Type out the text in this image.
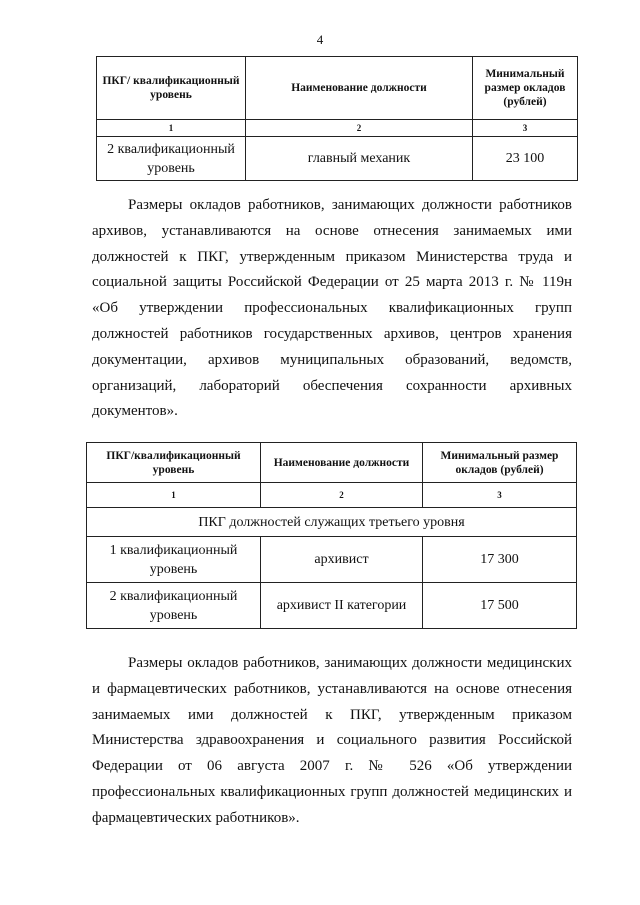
4
ПКГ/ квалификационный уровень	Наименование должности	Минимальный размер окладов (рублей)
1	2	3
2 квалификационный уровень	главный механик	23 100

Размеры окладов работников, занимающих должности работников архивов, устанавливаются на основе отнесения занимаемых ими должностей к ПКГ, утвержденным приказом Министерства труда и социальной защиты Российской Федерации от 25 марта 2013 г. № 119н «Об утверждении профессиональных квалификационных групп должностей работников государственных архивов, центров хранения документации, архивов муниципальных образований, ведомств, организаций, лабораторий обеспечения сохранности архивных документов».

ПКГ/квалификационный уровень	Наименование должности	Минимальный размер окладов (рублей)
1	2	3
ПКГ должностей служащих третьего уровня		
1 квалификационный уровень	архивист	17 300
2 квалификационный уровень	архивист II категории	17 500

Размеры окладов работников, занимающих должности медицинских и фармацевтических работников, устанавливаются на основе отнесения занимаемых ими должностей к ПКГ, утвержденным приказом Министерства здравоохранения и социального развития Российской Федерации от 06 августа 2007 г. № 526 «Об утверждении профессиональных квалификационных групп должностей медицинских и фармацевтических работников».
